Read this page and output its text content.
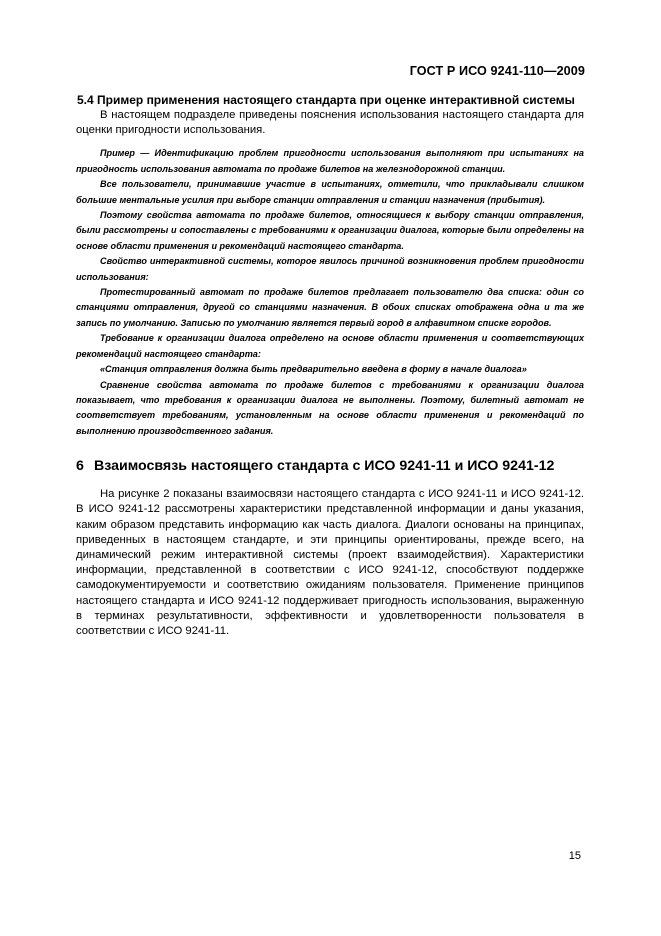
ГОСТ Р ИСО 9241-110—2009
5.4 Пример применения настоящего стандарта при оценке интерактивной системы

В настоящем подразделе приведены пояснения использования настоящего стандарта для оценки пригодности использования.

Пример — Идентификацию проблем пригодности использования выполняют при испытаниях на пригодность использования автомата по продаже билетов на железнодорожной станции.

Все пользователи, принимавшие участие в испытаниях, отметили, что прикладывали слишком большие ментальные усилия при выборе станции отправления и станции назначения (прибытия).

Поэтому свойства автомата по продаже билетов, относящиеся к выбору станции отправления, были рассмотрены и сопоставлены с требованиями к организации диалога, которые были определены на основе области применения и рекомендаций настоящего стандарта.

Свойство интерактивной системы, которое явилось причиной возникновения проблем пригодности использования:

Протестированный автомат по продаже билетов предлагает пользователю два списка: один со станциями отправления, другой со станциями назначения. В обоих списках отображена одна и та же запись по умолчанию. Записью по умолчанию является первый город в алфавитном списке городов.

Требование к организации диалога определено на основе области применения и соответствующих рекомендаций настоящего стандарта:

«Станция отправления должна быть предварительно введена в форму в начале диалога»

Сравнение свойства автомата по продаже билетов с требованиями к организации диалога показывает, что требования к организации диалога не выполнены. Поэтому, билетный автомат не соответствует требованиям, установленным на основе области применения и рекомендаций по выполнению производственного задания.

6 Взаимосвязь настоящего стандарта с ИСО 9241-11 и ИСО 9241-12

На рисунке 2 показаны взаимосвязи настоящего стандарта с ИСО 9241-11 и ИСО 9241-12. В ИСО 9241-12 рассмотрены характеристики представленной информации и даны указания, каким образом представить информацию как часть диалога. Диалоги основаны на принципах, приведенных в настоящем стандарте, и эти принципы ориентированы, прежде всего, на динамический режим интерактивной системы (проект взаимодействия). Характеристики информации, представленной в соответствии с ИСО 9241-12, способствуют поддержке самодокументируемости и соответствию ожиданиям пользователя. Применение принципов настоящего стандарта и ИСО 9241-12 поддерживает пригодность использования, выраженную в терминах результативности, эффективности и удовлетворенности пользователя в соответствии с ИСО 9241-11.

15
